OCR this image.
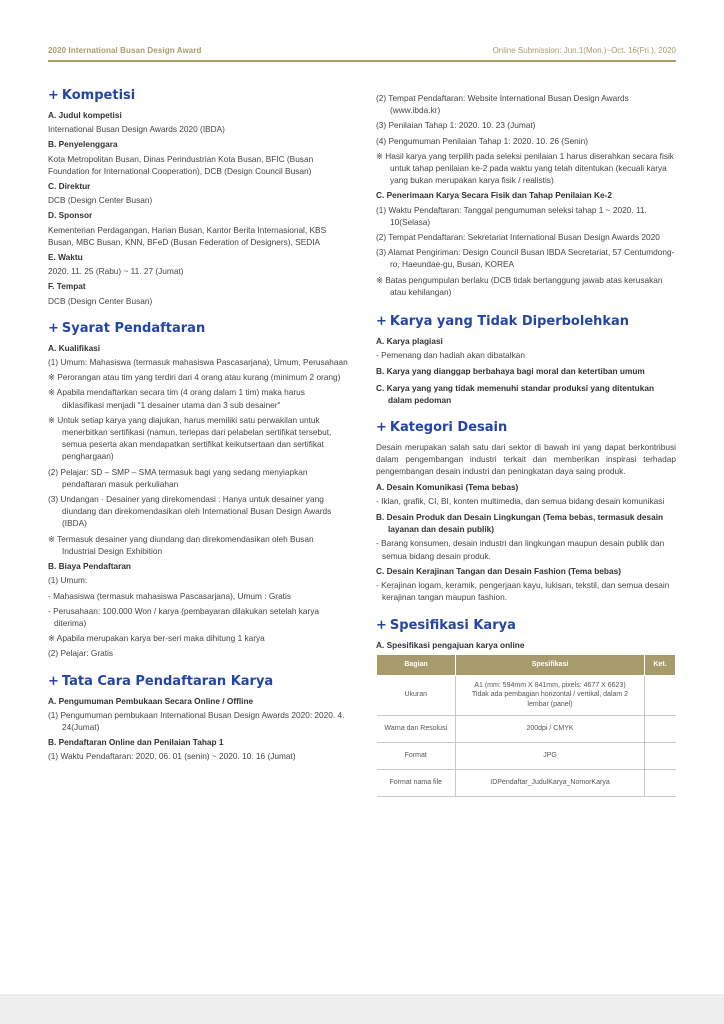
2020 International Busan Design Award	Online Submission: Jun.1(Mon.)~Oct. 16(Fri.), 2020
+ Kompetisi
A. Judul kompetisi
International Busan Design Awards 2020 (IBDA)
B. Penyelenggara
Kota Metropolitan Busan, Dinas Perindustrian Kota Busan, BFIC (Busan Foundation for International Cooperation), DCB (Design Council Busan)
C. Direktur
DCB (Design Center Busan)
D. Sponsor
Kementerian Perdagangan, Harian Busan, Kantor Berita Internasional, KBS Busan, MBC Busan, KNN, BFeD (Busan Federation of Designers), SEDIA
E. Waktu
2020. 11. 25 (Rabu) ~ 11. 27 (Jumat)
F. Tempat
DCB (Design Center Busan)
+ Syarat Pendaftaran
A. Kualifikasi
(1) Umum: Mahasiswa (termasuk mahasiswa Pascasarjana), Umum, Perusahaan
※ Perorangan atau tim yang terdiri dari 4 orang atau kurang (minimum 2 orang)
※ Apabila mendaftarkan secara tim (4 orang dalam 1 tim) maka harus diklasifikasi menjadi "1 desainer utama dan 3 sub desainer"
※ Untuk setiap karya yang diajukan, harus memiliki satu perwakilan untuk menerbitkan sertifikasi (namun, terlepas dari pelabelan sertifikat tersebut, semua peserta akan mendapatkan sertifikat keikutsertaan dan sertifikat penghargaan)
(2) Pelajar: SD – SMP – SMA termasuk bagi yang sedang menyiapkan pendaftaran masuk perkuliahan
(3) Undangan · Desainer yang direkomendasi : Hanya untuk desainer yang diundang dan direkomendasikan oleh International Busan Design Awards (IBDA)
※ Termasuk desainer yang diundang dan direkomendasikan oleh Busan Industrial Design Exhibition
B. Biaya Pendaftaran
(1) Umum:
- Mahasiswa (termasuk mahasiswa Pascasarjana), Umum : Gratis
- Perusahaan: 100.000 Won / karya (pembayaran dilakukan setelah karya diterima)
※ Apabila merupakan karya ber-seri maka dihitung 1 karya
(2) Pelajar: Gratis
+ Tata Cara Pendaftaran Karya
A. Pengumuman Pembukaan Secara Online / Offline
(1) Pengumuman pembukaan International Busan Design Awards 2020: 2020. 4. 24(Jumat)
B. Pendaftaran Online dan Penilaian Tahap 1
(1) Waktu Pendaftaran: 2020. 06. 01 (senin) ~ 2020. 10. 16 (Jumat)
(2) Tempat Pendaftaran: Website International Busan Design Awards (www.ibda.kr)
(3) Penilaian Tahap 1: 2020. 10. 23 (Jumat)
(4) Pengumuman Penilaian Tahap 1: 2020. 10. 26 (Senin)
※ Hasil karya yang terpilih pada seleksi penilaian 1 harus diserahkan secara fisik untuk tahap penilaian ke-2 pada waktu yang telah ditentukan (kecuali karya yang bukan merupakan karya fisik / realistis)
C. Penerimaan Karya Secara Fisik dan Tahap Penilaian Ke-2
(1) Waktu Pendaftaran: Tanggal pengumuman seleksi tahap 1 ~ 2020. 11. 10(Selasa)
(2) Tempat Pendaftaran: Sekretariat International Busan Design Awards 2020
(3) Alamat Pengiriman: Design Council Busan IBDA Secretariat, 57 Centumdong-ro, Haeundae-gu, Busan, KOREA
※ Batas pengumpulan berlaku (DCB tidak bertanggung jawab atas kerusakan atau kehilangan)
+ Karya yang Tidak Diperbolehkan
A. Karya plagiasi
- Pemenang dan hadiah akan dibatalkan
B. Karya yang dianggap berbahaya bagi moral dan ketertiban umum
C. Karya yang yang tidak memenuhi standar produksi yang ditentukan dalam pedoman
+ Kategori Desain
Desain merupakan salah satu dari sektor di bawah ini yang dapat berkontribusi dalam pengembangan industri terkait dan memberikan inspirasi terhadap pengembangan desain industri dan peningkatan daya saing produk.
A. Desain Komunikasi (Tema bebas)
- Iklan, grafik, CI, BI, konten multimedia, dan semua bidang desain komunikasi
B. Desain Produk dan Desain Lingkungan (Tema bebas, termasuk desain layanan dan desain publik)
- Barang konsumen, desain industri dan lingkungan maupun desain publik dan semua bidang desain produk.
C. Desain Kerajinan Tangan dan Desain Fashion (Tema bebas)
- Kerajinan logam, keramik, pengerjaan kayu, lukisan, tekstil, dan semua desain kerajinan tangan maupun fashion.
+ Spesifikasi Karya
A. Spesifikasi pengajuan karya online
Bagian	Spesifikasi	Ket.
Ukuran	A1 (mm: 594mm X 841mm, pixels: 4677 X 6623) Tidak ada pembagian horizontal / vertikal, dalam 2 lembar (panel)	
Warna dan Resolusi	200dpi / CMYK	
Format	JPG	
Format nama file	IDPendaftar_JudulKarya_NomorKarya	
